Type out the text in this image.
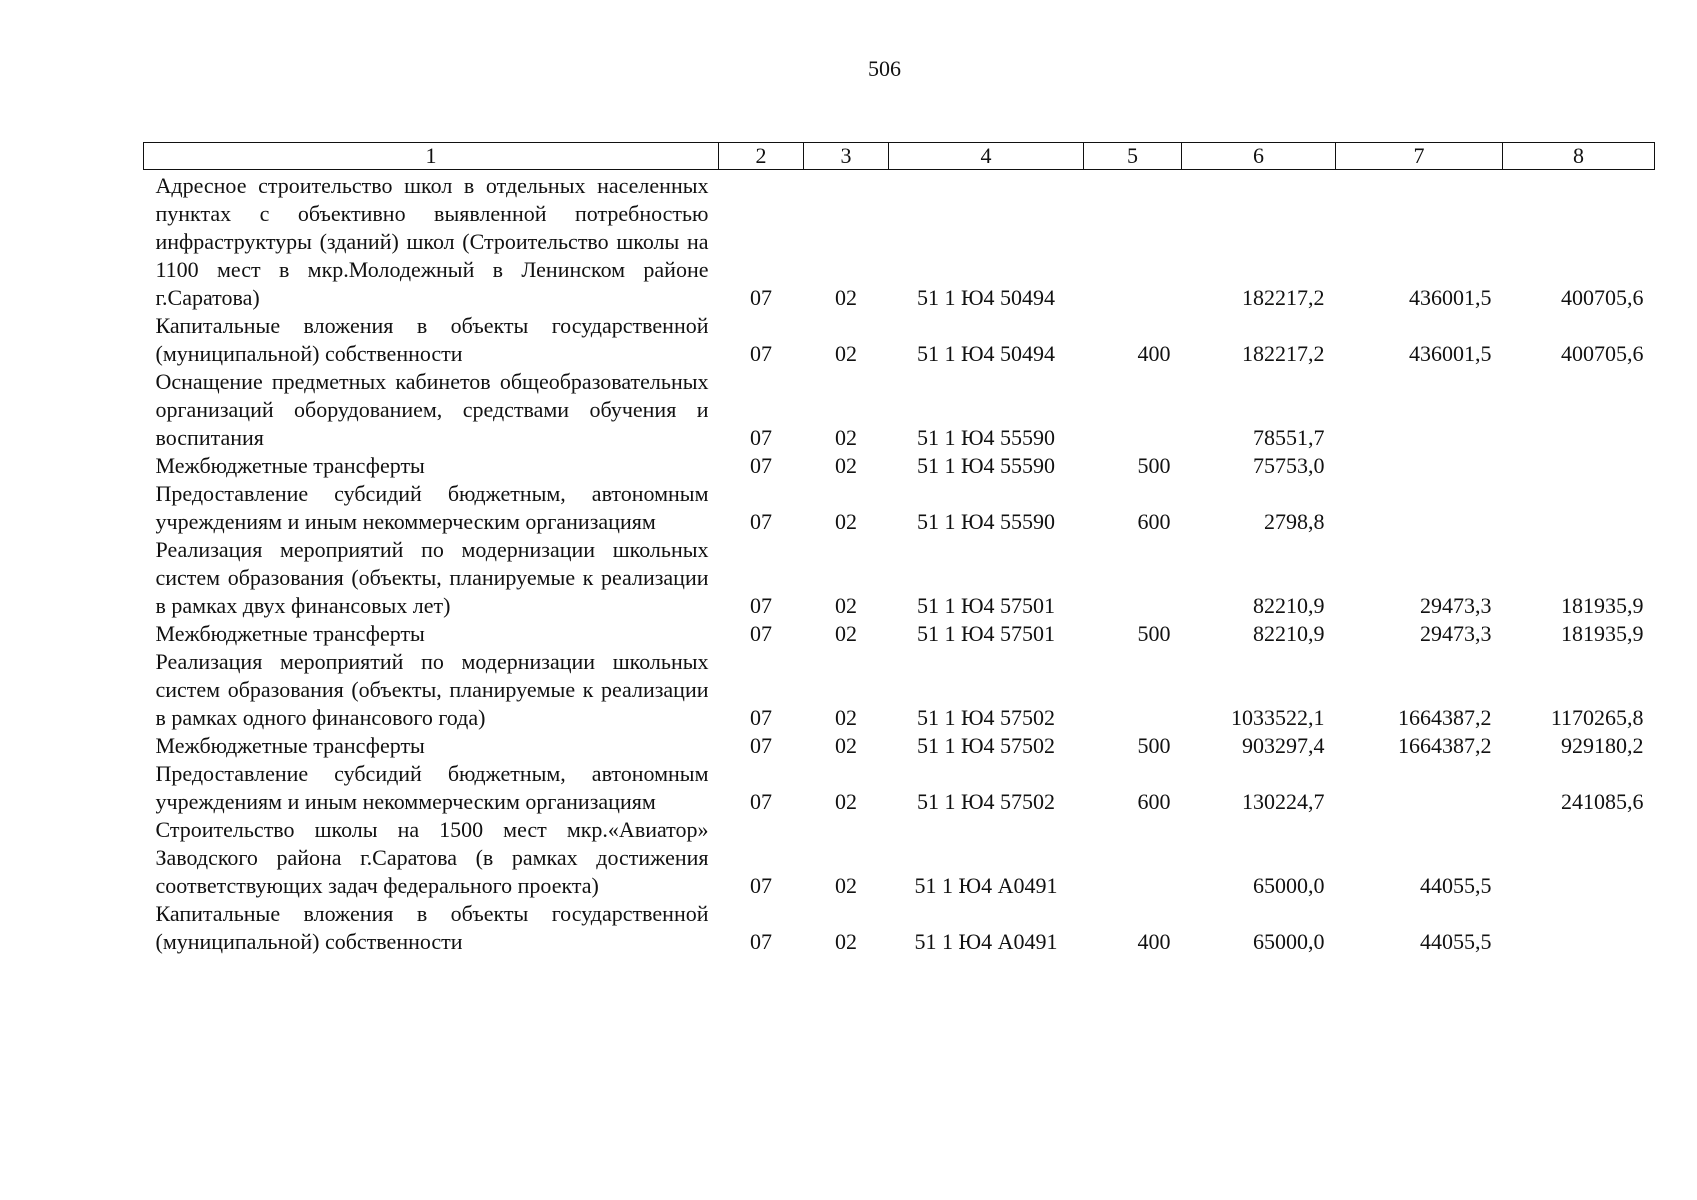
506
1	2	3	4	5	6	7	8
Адресное строительство школ в отдельных населенных пунктах с объективно выявленной потребностью инфраструктуры (зданий) школ (Строительство школы на 1100 мест в мкр.Молодежный в Ленинском районе г.Саратова)	07	02	51 1 Ю4 50494		182217,2	436001,5	400705,6
Капитальные вложения в объекты государственной (муниципальной) собственности	07	02	51 1 Ю4 50494	400	182217,2	436001,5	400705,6
Оснащение предметных кабинетов общеобразовательных организаций оборудованием, средствами обучения и воспитания	07	02	51 1 Ю4 55590		78551,7		
Межбюджетные трансферты	07	02	51 1 Ю4 55590	500	75753,0		
Предоставление субсидий бюджетным, автономным учреждениям и иным некоммерческим организациям	07	02	51 1 Ю4 55590	600	2798,8		
Реализация мероприятий по модернизации школьных систем образования (объекты, планируемые к реализации в рамках двух финансовых лет)	07	02	51 1 Ю4 57501		82210,9	29473,3	181935,9
Межбюджетные трансферты	07	02	51 1 Ю4 57501	500	82210,9	29473,3	181935,9
Реализация мероприятий по модернизации школьных систем образования (объекты, планируемые к реализации в рамках одного финансового года)	07	02	51 1 Ю4 57502		1033522,1	1664387,2	1170265,8
Межбюджетные трансферты	07	02	51 1 Ю4 57502	500	903297,4	1664387,2	929180,2
Предоставление субсидий бюджетным, автономным учреждениям и иным некоммерческим организациям	07	02	51 1 Ю4 57502	600	130224,7		241085,6
Строительство школы на 1500 мест мкр.«Авиатор» Заводского района г.Саратова (в рамках достижения соответствующих задач федерального проекта)	07	02	51 1 Ю4 А0491		65000,0	44055,5	
Капитальные вложения в объекты государственной (муниципальной) собственности	07	02	51 1 Ю4 А0491	400	65000,0	44055,5	
